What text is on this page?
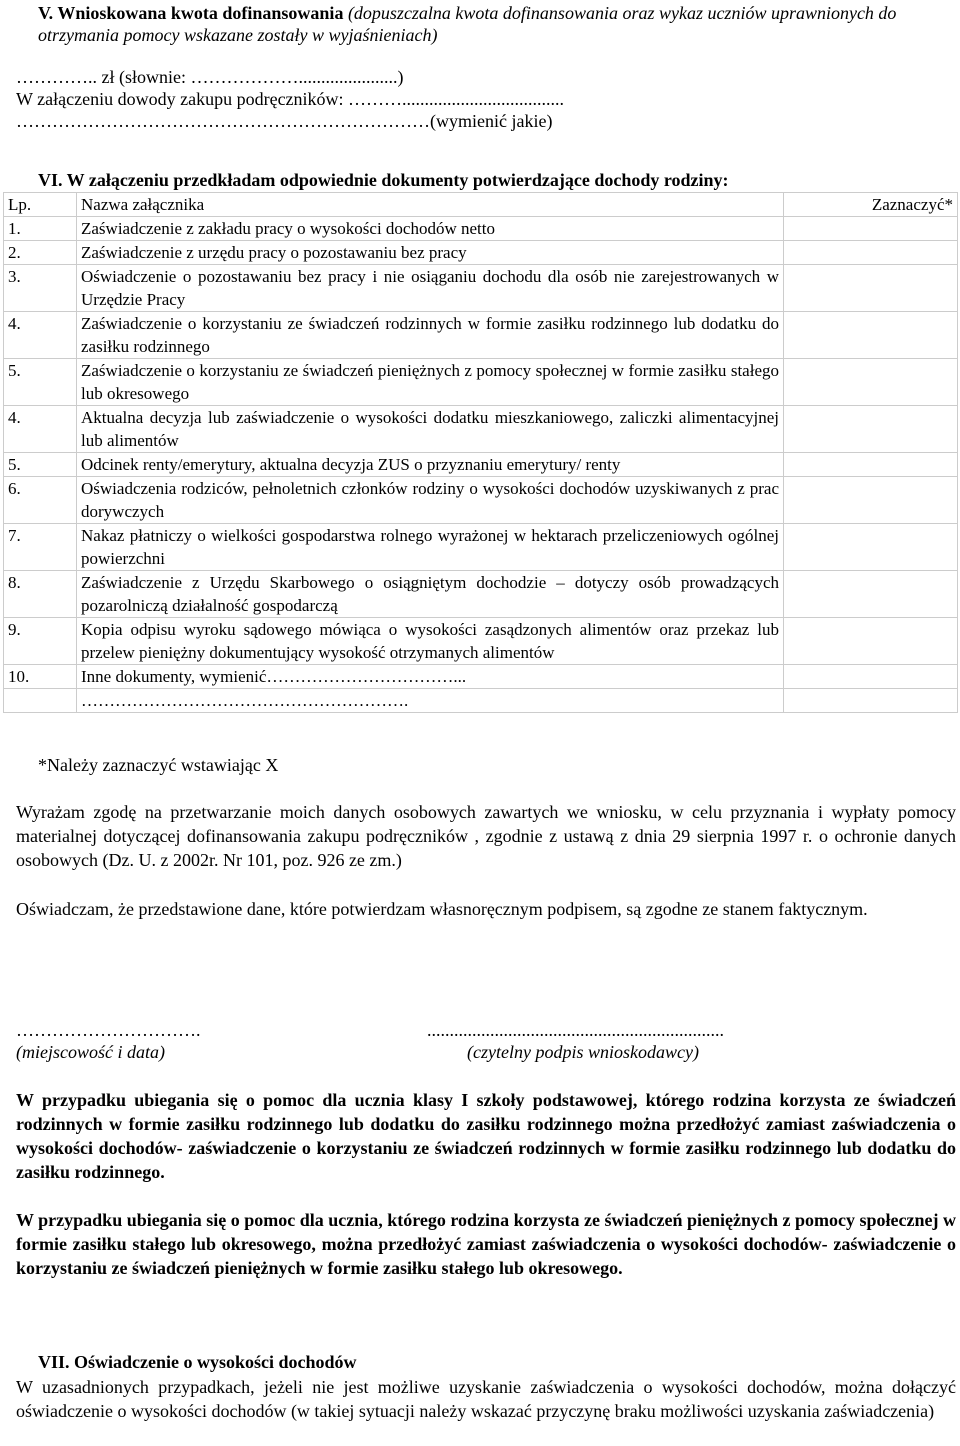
V. Wnioskowana kwota dofinansowania (dopuszczalna kwota dofinansowania oraz wykaz uczniów uprawnionych do otrzymania pomocy wskazane zostały w wyjaśnieniach)
………….. zł (słownie: ………………......................)
W załączeniu dowody zakupu podręczników: ………....................................
……………………………………………………………(wymienić jakie)
VI. W załączeniu przedkładam odpowiednie dokumenty potwierdzające dochody rodziny:
Lp.	Nazwa załącznika	Zaznaczyć*
1.	Zaświadczenie z zakładu pracy o wysokości dochodów netto	
2.	Zaświadczenie z urzędu pracy o pozostawaniu bez pracy	
3.	Oświadczenie o pozostawaniu bez pracy i nie osiąganiu dochodu dla osób nie zarejestrowanych w Urzędzie Pracy	
4.	Zaświadczenie o korzystaniu ze świadczeń rodzinnych w formie zasiłku rodzinnego lub dodatku do zasiłku rodzinnego	
5.	Zaświadczenie o korzystaniu ze świadczeń pieniężnych z pomocy społecznej w formie zasiłku stałego lub okresowego	
4.	Aktualna decyzja lub zaświadczenie o wysokości dodatku mieszkaniowego, zaliczki alimentacyjnej lub alimentów	
5.	Odcinek renty/emerytury, aktualna decyzja ZUS o przyznaniu emerytury/ renty	
6.	Oświadczenia rodziców, pełnoletnich członków rodziny o wysokości dochodów uzyskiwanych z prac dorywczych	
7.	Nakaz płatniczy o wielkości gospodarstwa rolnego wyrażonej w hektarach przeliczeniowych ogólnej powierzchni	
8.	Zaświadczenie z Urzędu Skarbowego o osiągniętym dochodzie – dotyczy osób prowadzących pozarolniczą działalność gospodarczą	
9.	Kopia odpisu wyroku sądowego mówiąca o wysokości zasądzonych alimentów oraz przekaz lub przelew pieniężny dokumentujący wysokość otrzymanych alimentów	
10.	Inne dokumenty, wymienić……………………………...	
	………………………………………………….	
*Należy zaznaczyć wstawiając X
Wyrażam zgodę na przetwarzanie moich danych osobowych zawartych we wniosku, w celu przyznania i wypłaty pomocy materialnej dotyczącej dofinansowania zakupu podręczników , zgodnie z ustawą z dnia 29 sierpnia 1997 r. o ochronie danych osobowych (Dz. U. z 2002r. Nr 101, poz. 926 ze zm.)
Oświadczam, że przedstawione dane, które potwierdzam własnoręcznym podpisem, są zgodne ze stanem faktycznym.
………………………….	..................................................................
(miejscowość i data)	(czytelny podpis wnioskodawcy)
W przypadku ubiegania się o pomoc dla ucznia klasy I szkoły podstawowej, którego rodzina korzysta ze świadczeń rodzinnych w formie zasiłku rodzinnego lub dodatku do zasiłku rodzinnego można przedłożyć zamiast zaświadczenia o wysokości dochodów- zaświadczenie o korzystaniu ze świadczeń rodzinnych w formie zasiłku rodzinnego lub dodatku do zasiłku rodzinnego.
W przypadku ubiegania się o pomoc dla ucznia, którego rodzina korzysta ze świadczeń pieniężnych z pomocy społecznej w formie zasiłku stałego lub okresowego, można przedłożyć zamiast zaświadczenia o wysokości dochodów- zaświadczenie o korzystaniu ze świadczeń pieniężnych w formie zasiłku stałego lub okresowego.
VII. Oświadczenie o wysokości dochodów
W uzasadnionych przypadkach, jeżeli nie jest możliwe uzyskanie zaświadczenia o wysokości dochodów, można dołączyć oświadczenie o wysokości dochodów (w takiej sytuacji należy wskazać przyczynę braku możliwości uzyskania zaświadczenia)
